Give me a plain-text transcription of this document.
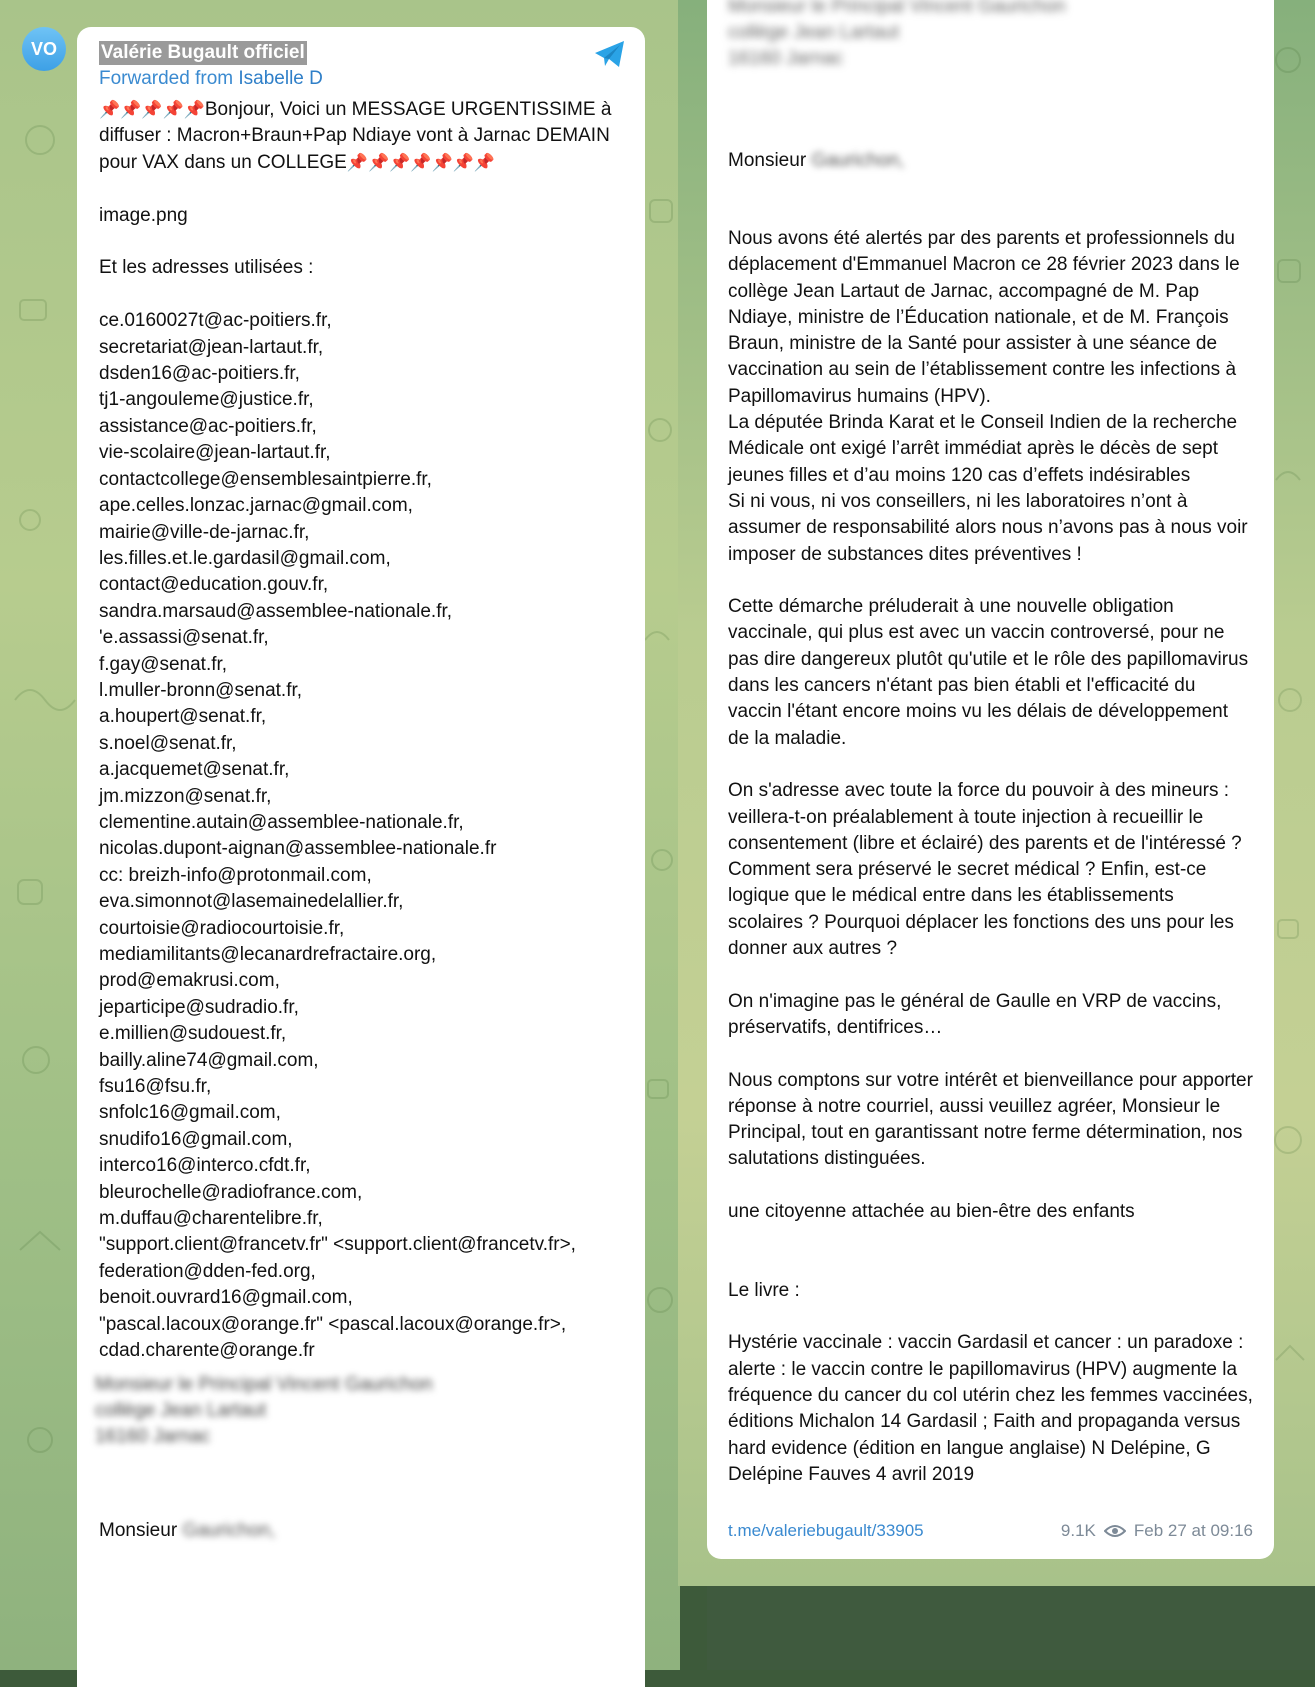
VO Valérie Bugault officiel
Forwarded from Isabelle D
📌📌📌📌📌Bonjour, Voici un MESSAGE URGENTISSIME à diffuser : Macron+Braun+Pap Ndiaye vont à Jarnac DEMAIN pour VAX dans un COLLEGE📌📌📌📌📌📌📌

image.png

Et les adresses utilisées :

ce.0160027t@ac-poitiers.fr,
secretariat@jean-lartaut.fr,
dsden16@ac-poitiers.fr,
tj1-angouleme@justice.fr,
assistance@ac-poitiers.fr,
vie-scolaire@jean-lartaut.fr,
contactcollege@ensemblesaintpierre.fr,
ape.celles.lonzac.jarnac@gmail.com,
mairie@ville-de-jarnac.fr,
les.filles.et.le.gardasil@gmail.com,
contact@education.gouv.fr,
sandra.marsaud@assemblee-nationale.fr,
'e.assassi@senat.fr,
f.gay@senat.fr,
l.muller-bronn@senat.fr,
a.houpert@senat.fr,
s.noel@senat.fr,
a.jacquemet@senat.fr,
jm.mizzon@senat.fr,
clementine.autain@assemblee-nationale.fr,
nicolas.dupont-aignan@assemblee-nationale.fr
cc: breizh-info@protonmail.com,
eva.simonnot@lasemainedelallier.fr,
courtoisie@radiocourtoisie.fr,
mediamilitants@lecanardrefractaire.org,
prod@emakrusi.com,
jeparticipe@sudradio.fr,
e.millien@sudouest.fr,
bailly.aline74@gmail.com,
fsu16@fsu.fr,
snfolc16@gmail.com,
snudifo16@gmail.com,
interco16@interco.cfdt.fr,
bleurochelle@radiofrance.com,
m.duffau@charentelibre.fr,
"support.client@francetv.fr" <support.client@francetv.fr>,
federation@dden-fed.org,
benoit.ouvrard16@gmail.com,
"pascal.lacoux@orange.fr" <pascal.lacoux@orange.fr>,
cdad.charente@orange.fr
Monsieur le Principal Vincent Gaurichon
collège Jean Lartaut
16160 Jarnac
Monsieur Gaurichon,
Monsieur le Principal Vincent Gaurichon
collège Jean Lartaut
16160 Jarnac
Monsieur Gaurichon,
Nous avons été alertés par des parents et professionnels du déplacement d'Emmanuel Macron ce 28 février 2023 dans le collège Jean Lartaut de Jarnac, accompagné de M. Pap Ndiaye, ministre de l’Éducation nationale, et de M. François Braun, ministre de la Santé pour assister à une séance de vaccination au sein de l’établissement contre les infections à Papillomavirus humains (HPV).
La députée Brinda Karat et le Conseil Indien de la recherche Médicale ont exigé l’arrêt immédiat après le décès de sept jeunes filles et d’au moins 120 cas d’effets indésirables
Si ni vous, ni vos conseillers, ni les laboratoires n’ont à assumer de responsabilité alors nous n’avons pas à nous voir imposer de substances dites préventives !

Cette démarche préluderait à une nouvelle obligation vaccinale, qui plus est avec un vaccin controversé, pour ne pas dire dangereux plutôt qu'utile et le rôle des papillomavirus dans les cancers n'étant pas bien établi et l'efficacité du vaccin l'étant encore moins vu les délais de développement de la maladie.

On s'adresse avec toute la force du pouvoir à des mineurs : veillera-t-on préalablement à toute injection à recueillir le consentement (libre et éclairé) des parents et de l'intéressé ? Comment sera préservé le secret médical ? Enfin, est-ce logique que le médical entre dans les établissements scolaires ? Pourquoi déplacer les fonctions des uns pour les donner aux autres ?

On n'imagine pas le général de Gaulle en VRP de vaccins, préservatifs, dentifrices…

Nous comptons sur votre intérêt et bienveillance pour apporter réponse à notre courriel, aussi veuillez agréer, Monsieur le Principal, tout en garantissant notre ferme détermination, nos salutations distinguées.

une citoyenne attachée au bien-être des enfants

Le livre :

Hystérie vaccinale : vaccin Gardasil et cancer : un paradoxe : alerte : le vaccin contre le papillomavirus (HPV) augmente la fréquence du cancer du col utérin chez les femmes vaccinées, éditions Michalon 14 Gardasil ; Faith and propaganda versus hard evidence (édition en langue anglaise) N Delépine, G Delépine Fauves 4 avril 2019
t.me/valeriebugault/33905	9.1K Feb 27 at 09:16
